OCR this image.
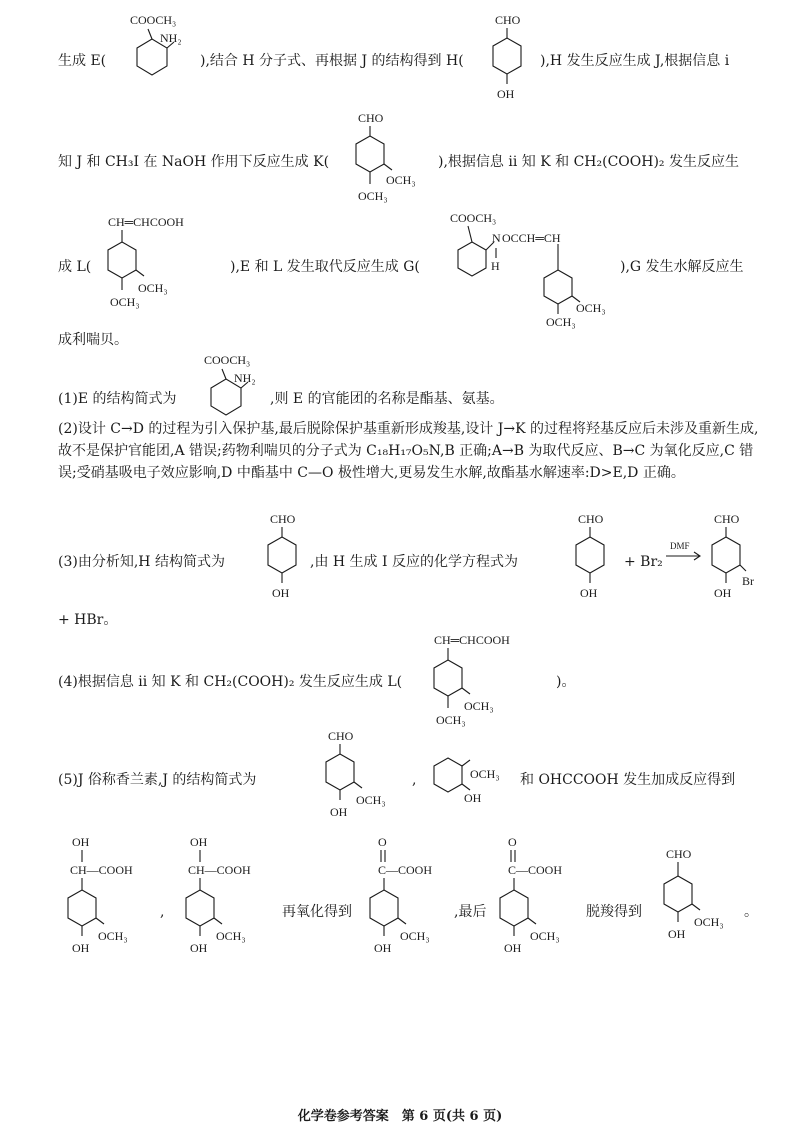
生成 E(
COOCH₃
NH₂
),结合 H 分子式、再根据 J 的结构得到 H(
CHO
OH
),H 发生反应生成 J,根据信息 ⅰ
知 J 和 CH₃I 在 NaOH 作用下反应生成 K(
CHO
OCH₃
OCH₃
),根据信息 ⅱ 知 K 和 CH₂(COOH)₂ 发生反应生
成 L(
CH═CHCOOH
OCH₃
OCH₃
),E 和 L 发生取代反应生成 G(
COOCH₃
N
H
OCCH═CH
OCH₃
OCH₃
),G 发生水解反应生
成利喘贝。
(1)E 的结构简式为
COOCH₃
NH₂
,则 E 的官能团的名称是酯基、氨基。
(2)设计 C→D 的过程为引入保护基,最后脱除保护基重新形成羧基,设计 J→K 的过程将羟基反应后未涉及重新生成,故不是保护官能团,A 错误;药物利喘贝的分子式为 C₁₈H₁₇O₅N,B 正确;A→B 为取代反应、B→C 为氧化反应,C 错误;受硝基吸电子效应影响,D 中酯基中 C—O 极性增大,更易发生水解,故酯基水解速率:D>E,D 正确。
(3)由分析知,H 结构简式为
CHO
OH
,由 H 生成 I 反应的化学方程式为
CHO
OH
+ Br₂
DMF
CHO
Br
OH
+ HBr。
(4)根据信息 ⅱ 知 K 和 CH₂(COOH)₂ 发生反应生成 L(
CH═CHCOOH
OCH₃
OCH₃
)。
(5)J 俗称香兰素,J 的结构简式为
CHO
OCH₃
OH
,
OH
OCH₃ 和 OHCCOOH 发生加成反应得到
OH
CH—COOH
OCH₃
OH
,
OH
CH—COOH
OCH₃
OH
再氧化得到
O
C—COOH
OCH₃
OH
,最后
O
C—COOH
OCH₃
OH
脱羧得到
CHO
OCH₃
OH
。
化学卷参考答案　第 6 页(共 6 页)
